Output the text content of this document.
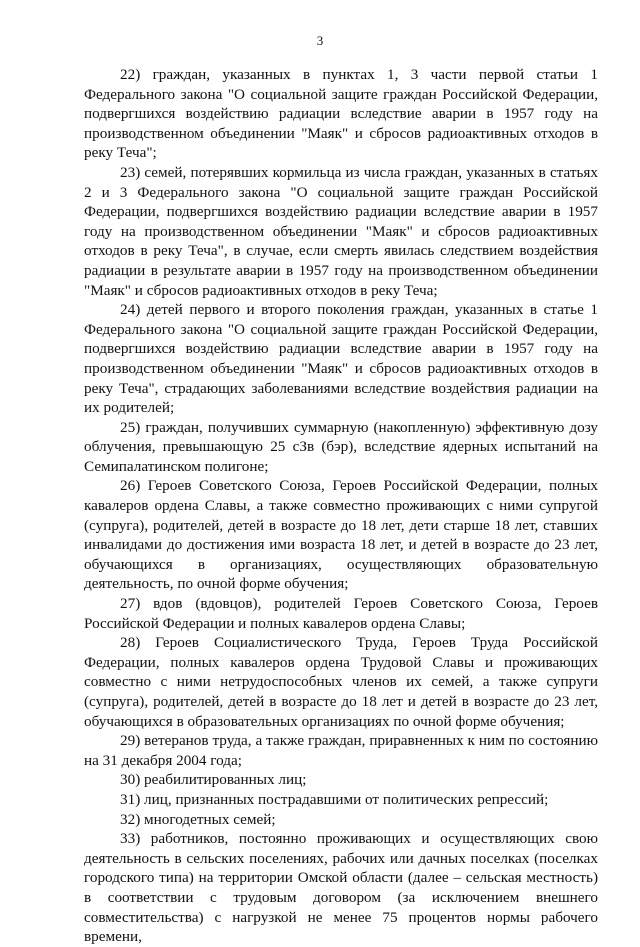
3

22) граждан, указанных в пунктах 1, 3 части первой статьи 1 Федерального закона "О социальной защите граждан Российской Федерации, подвергшихся воздействию радиации вследствие аварии в 1957 году на производственном объединении "Маяк" и сбросов радиоактивных отходов в реку Теча";

23) семей, потерявших кормильца из числа граждан, указанных в статьях 2 и 3 Федерального закона "О социальной защите граждан Российской Федерации, подвергшихся воздействию радиации вследствие аварии в 1957 году на производственном объединении "Маяк" и сбросов радиоактивных отходов в реку Теча", в случае, если смерть явилась следствием воздействия радиации в результате аварии в 1957 году на производственном объединении "Маяк" и сбросов радиоактивных отходов в реку Теча;

24) детей первого и второго поколения граждан, указанных в статье 1 Федерального закона "О социальной защите граждан Российской Федерации, подвергшихся воздействию радиации вследствие аварии в 1957 году на производственном объединении "Маяк" и сбросов радиоактивных отходов в реку Теча", страдающих заболеваниями вследствие воздействия радиации на их родителей;

25) граждан, получивших суммарную (накопленную) эффективную дозу облучения, превышающую 25 сЗв (бэр), вследствие ядерных испытаний на Семипалатинском полигоне;

26) Героев Советского Союза, Героев Российской Федерации, полных кавалеров ордена Славы, а также совместно проживающих с ними супругой (супруга), родителей, детей в возрасте до 18 лет, дети старше 18 лет, ставших инвалидами до достижения ими возраста 18 лет, и детей в возрасте до 23 лет, обучающихся в организациях, осуществляющих образовательную деятельность, по очной форме обучения;

27) вдов (вдовцов), родителей Героев Советского Союза, Героев Российской Федерации и полных кавалеров ордена Славы;

28) Героев Социалистического Труда, Героев Труда Российской Федерации, полных кавалеров ордена Трудовой Славы и проживающих совместно с ними нетрудоспособных членов их семей, а также супруги (супруга), родителей, детей в возрасте до 18 лет и детей в возрасте до 23 лет, обучающихся в образовательных организациях по очной форме обучения;

29) ветеранов труда, а также граждан, приравненных к ним по состоянию на 31 декабря 2004 года;

30) реабилитированных лиц;

31) лиц, признанных пострадавшими от политических репрессий;

32) многодетных семей;

33) работников, постоянно проживающих и осуществляющих свою деятельность в сельских поселениях, рабочих или дачных поселках (поселках городского типа) на территории Омской области (далее – сельская местность) в соответствии с трудовым договором (за исключением внешнего совместительства) с нагрузкой не менее 75 процентов нормы рабочего времени,
